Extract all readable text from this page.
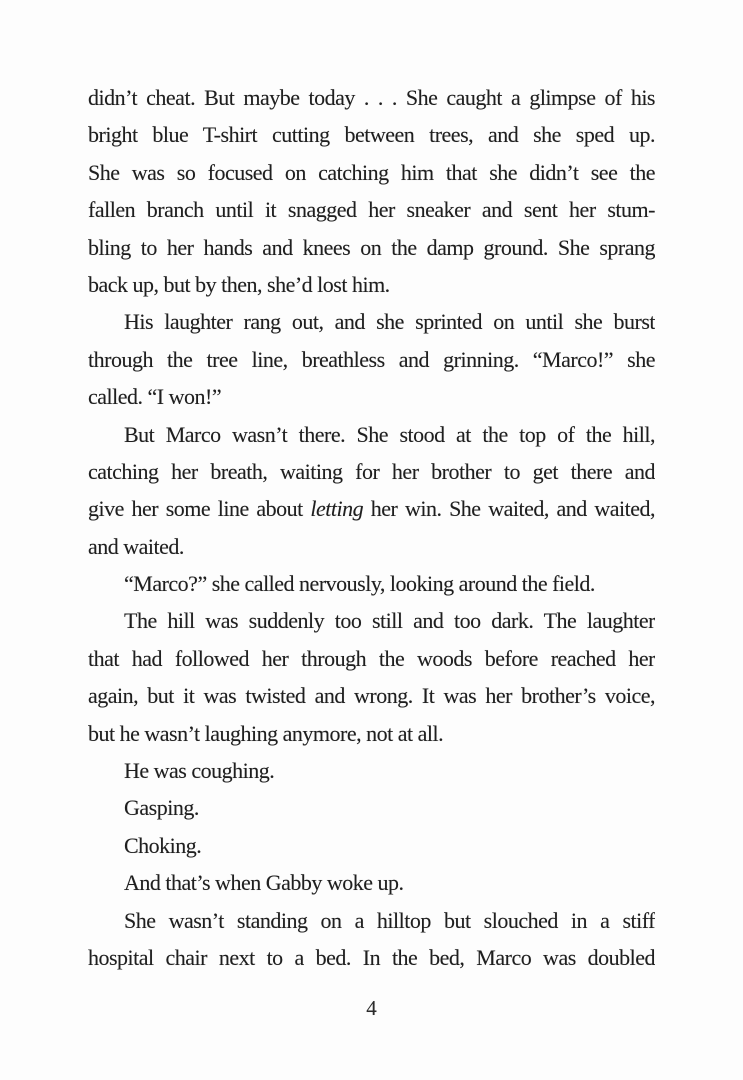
didn’t cheat. But maybe today . . . She caught a glimpse of his
bright blue T-shirt cutting between trees, and she sped up.
She was so focused on catching him that she didn’t see the
fallen branch until it snagged her sneaker and sent her stum-
bling to her hands and knees on the damp ground. She sprang
back up, but by then, she’d lost him.
His laughter rang out, and she sprinted on until she burst
through the tree line, breathless and grinning. “Marco!” she
called. “I won!”
But Marco wasn’t there. She stood at the top of the hill,
catching her breath, waiting for her brother to get there and
give her some line about letting her win. She waited, and waited,
and waited.
“Marco?” she called nervously, looking around the field.
The hill was suddenly too still and too dark. The laughter
that had followed her through the woods before reached her
again, but it was twisted and wrong. It was her brother’s voice,
but he wasn’t laughing anymore, not at all.
He was coughing.
Gasping.
Choking.
And that’s when Gabby woke up.
She wasn’t standing on a hilltop but slouched in a stiff
hospital chair next to a bed. In the bed, Marco was doubled
4
